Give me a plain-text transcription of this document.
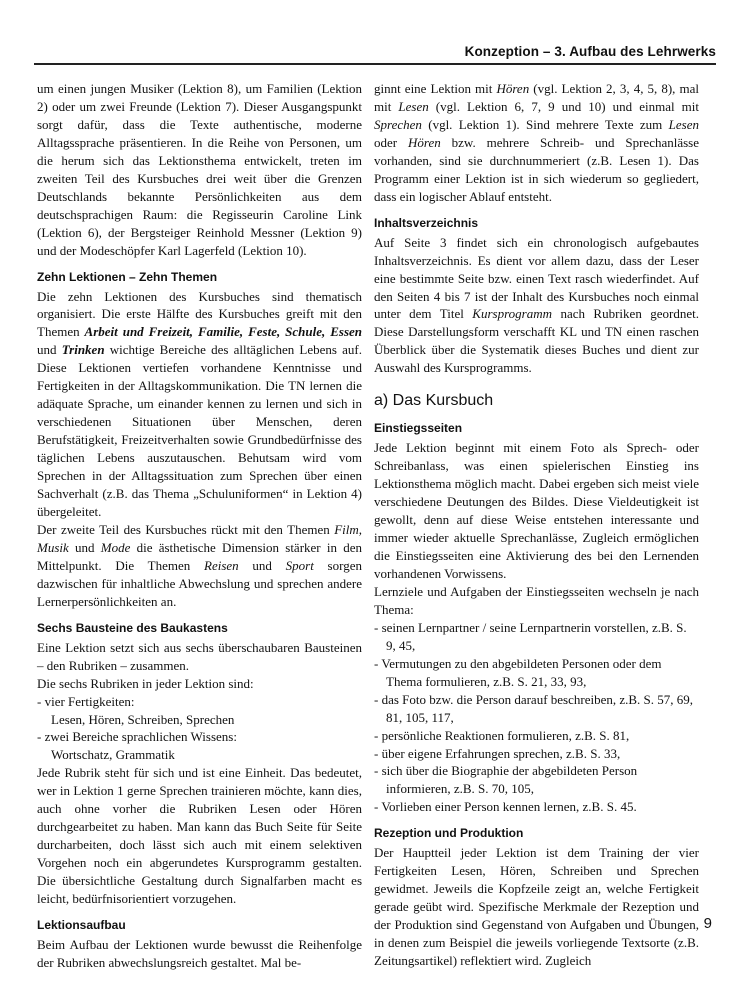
Konzeption – 3. Aufbau des Lehrwerks

um einen jungen Musiker (Lektion 8), um Familien (Lektion 2) oder um zwei Freunde (Lektion 7). Dieser Ausgangspunkt sorgt dafür, dass die Texte authentische, moderne Alltagssprache präsentieren. In die Reihe von Personen, um die herum sich das Lektionsthema entwickelt, treten im zweiten Teil des Kursbuches drei weit über die Grenzen Deutschlands bekannte Persönlichkeiten aus dem deutschsprachigen Raum: die Regisseurin Caroline Link (Lektion 6), der Bergsteiger Reinhold Messner (Lektion 9) und der Modeschöpfer Karl Lagerfeld (Lektion 10).

Zehn Lektionen – Zehn Themen

Die zehn Lektionen des Kursbuches sind thematisch organisiert. Die erste Hälfte des Kursbuches greift mit den Themen Arbeit und Freizeit, Familie, Feste, Schule, Essen und Trinken wichtige Bereiche des alltäglichen Lebens auf. Diese Lektionen vertiefen vorhandene Kenntnisse und Fertigkeiten in der Alltagskommunikation. Die TN lernen die adäquate Sprache, um einander kennen zu lernen und sich in verschiedenen Situationen über Menschen, deren Berufstätigkeit, Freizeitverhalten sowie Grundbedürfnisse des täglichen Lebens auszutauschen. Behutsam wird vom Sprechen in der Alltagssituation zum Sprechen über einen Sachverhalt (z.B. das Thema „Schuluniformen“ in Lektion 4) übergeleitet.

Der zweite Teil des Kursbuches rückt mit den Themen Film, Musik und Mode die ästhetische Dimension stärker in den Mittelpunkt. Die Themen Reisen und Sport sorgen dazwischen für inhaltliche Abwechslung und sprechen andere Lernerpersönlichkeiten an.

Sechs Bausteine des Baukastens

Eine Lektion setzt sich aus sechs überschaubaren Bausteinen – den Rubriken – zusammen.

Die sechs Rubriken in jeder Lektion sind:

- vier Fertigkeiten:

Lesen, Hören, Schreiben, Sprechen

- zwei Bereiche sprachlichen Wissens:

Wortschatz, Grammatik

Jede Rubrik steht für sich und ist eine Einheit. Das bedeutet, wer in Lektion 1 gerne Sprechen trainieren möchte, kann dies, auch ohne vorher die Rubriken Lesen oder Hören durchgearbeitet zu haben. Man kann das Buch Seite für Seite durcharbeiten, doch lässt sich auch mit einem selektiven Vorgehen noch ein abgerundetes Kursprogramm gestalten. Die übersichtliche Gestaltung durch Signalfarben macht es leicht, bedürfnisorientiert vorzugehen.

Lektionsaufbau

Beim Aufbau der Lektionen wurde bewusst die Reihenfolge der Rubriken abwechslungsreich gestaltet. Mal be-

ginnt eine Lektion mit Hören (vgl. Lektion 2, 3, 4, 5, 8), mal mit Lesen (vgl. Lektion 6, 7, 9 und 10) und einmal mit Sprechen (vgl. Lektion 1). Sind mehrere Texte zum Lesen oder Hören bzw. mehrere Schreib- und Sprechanlässe vorhanden, sind sie durchnummeriert (z.B. Lesen 1). Das Programm einer Lektion ist in sich wiederum so gegliedert, dass ein logischer Ablauf entsteht.

Inhaltsverzeichnis

Auf Seite 3 findet sich ein chronologisch aufgebautes Inhaltsverzeichnis. Es dient vor allem dazu, dass der Leser eine bestimmte Seite bzw. einen Text rasch wiederfindet. Auf den Seiten 4 bis 7 ist der Inhalt des Kursbuches noch einmal unter dem Titel Kursprogramm nach Rubriken geordnet. Diese Darstellungsform verschafft KL und TN einen raschen Überblick über die Systematik dieses Buches und dient zur Auswahl des Kursprogramms.

a) Das Kursbuch
Einstiegsseiten

Jede Lektion beginnt mit einem Foto als Sprech- oder Schreibanlass, was einen spielerischen Einstieg ins Lektionsthema möglich macht. Dabei ergeben sich meist viele verschiedene Deutungen des Bildes. Diese Vieldeutigkeit ist gewollt, denn auf diese Weise entstehen interessante und immer wieder aktuelle Sprechanlässe, Zugleich ermöglichen die Einstiegsseiten eine Aktivierung des bei den Lernenden vorhandenen Vorwissens.

Lernziele und Aufgaben der Einstiegsseiten wechseln je nach Thema:

- seinen Lernpartner / seine Lernpartnerin vorstellen, z.B. S. 9, 45,

- Vermutungen zu den abgebildeten Personen oder dem Thema formulieren, z.B. S. 21, 33, 93,

- das Foto bzw. die Person darauf beschreiben, z.B. S. 57, 69, 81, 105, 117,

- persönliche Reaktionen formulieren, z.B. S. 81,

- über eigene Erfahrungen sprechen, z.B. S. 33,

- sich über die Biographie der abgebildeten Person informieren, z.B. S. 70, 105,

- Vorlieben einer Person kennen lernen, z.B. S. 45.

Rezeption und Produktion

Der Hauptteil jeder Lektion ist dem Training der vier Fertigkeiten Lesen, Hören, Schreiben und Sprechen gewidmet. Jeweils die Kopfzeile zeigt an, welche Fertigkeit gerade geübt wird. Spezifische Merkmale der Rezeption und der Produktion sind Gegenstand von Aufgaben und Übungen, in denen zum Beispiel die jeweils vorliegende Textsorte (z.B. Zeitungsartikel) reflektiert wird. Zugleich

9
